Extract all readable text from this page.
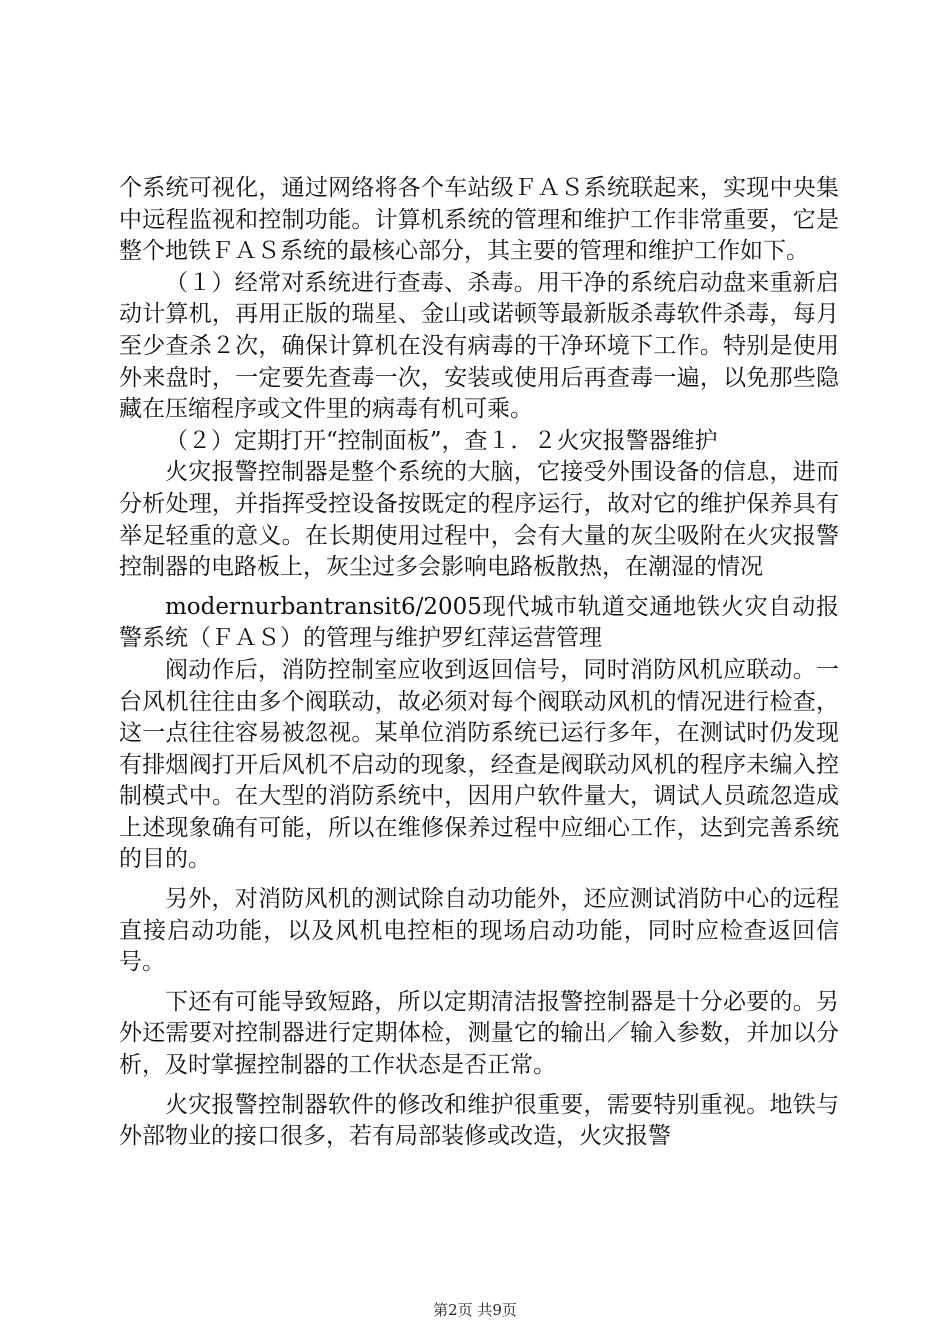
个系统可视化，通过网络将各个车站级ＦＡＳ系统联起来，实现中央集中远程监视和控制功能。计算机系统的管理和维护工作非常重要，它是整个地铁ＦＡＳ系统的最核心部分，其主要的管理和维护工作如下。

（１）经常对系统进行查毒、杀毒。用干净的系统启动盘来重新启动计算机，再用正版的瑞星、金山或诺顿等最新版杀毒软件杀毒，每月至少查杀２次，确保计算机在没有病毒的干净环境下工作。特别是使用外来盘时，一定要先查毒一次，安装或使用后再查毒一遍，以免那些隐藏在压缩程序或文件里的病毒有机可乘。

（２）定期打开“控制面板”，查１．２火灾报警器维护

火灾报警控制器是整个系统的大脑，它接受外围设备的信息，进而分析处理，并指挥受控设备按既定的程序运行，故对它的维护保养具有举足轻重的意义。在长期使用过程中，会有大量的灰尘吸附在火灾报警控制器的电路板上，灰尘过多会影响电路板散热，在潮湿的情况

modernurbantransit6/2005现代城市轨道交通地铁火灾自动报警系统（ＦＡＳ）的管理与维护罗红萍运营管理

阀动作后，消防控制室应收到返回信号，同时消防风机应联动。一台风机往往由多个阀联动，故必须对每个阀联动风机的情况进行检查，这一点往往容易被忽视。某单位消防系统已运行多年，在测试时仍发现有排烟阀打开后风机不启动的现象，经查是阀联动风机的程序未编入控制模式中。在大型的消防系统中，因用户软件量大，调试人员疏忽造成上述现象确有可能，所以在维修保养过程中应细心工作，达到完善系统的目的。

另外，对消防风机的测试除自动功能外，还应测试消防中心的远程直接启动功能，以及风机电控柜的现场启动功能，同时应检查返回信号。

下还有可能导致短路，所以定期清洁报警控制器是十分必要的。另外还需要对控制器进行定期体检，测量它的输出／输入参数，并加以分析，及时掌握控制器的工作状态是否正常。

火灾报警控制器软件的修改和维护很重要，需要特别重视。地铁与外部物业的接口很多，若有局部装修或改造，火灾报警

第2页 共9页
